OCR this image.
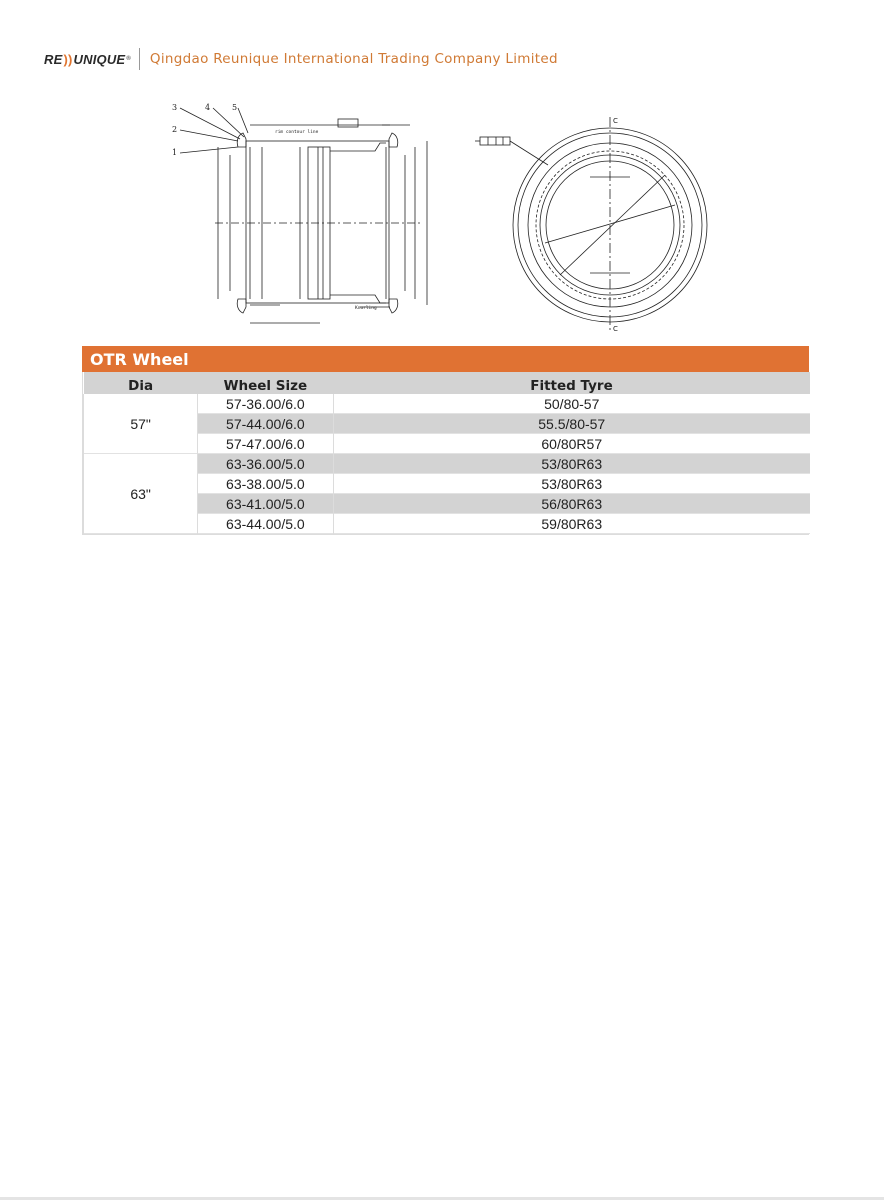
RE )) UNIQUE ® Qingdao Reunique International Trading Company Limited
3	4	5
2
1
rim contour line
Knurling
C
C
OTR Wheel
Dia	Wheel Size	Fitted Tyre
57"	57-36.00/6.0	50/80-57
	57-44.00/6.0	55.5/80-57
	57-47.00/6.0	60/80R57
63"	63-36.00/5.0	53/80R63
	63-38.00/5.0	53/80R63
	63-41.00/5.0	56/80R63
	63-44.00/5.0	59/80R63
